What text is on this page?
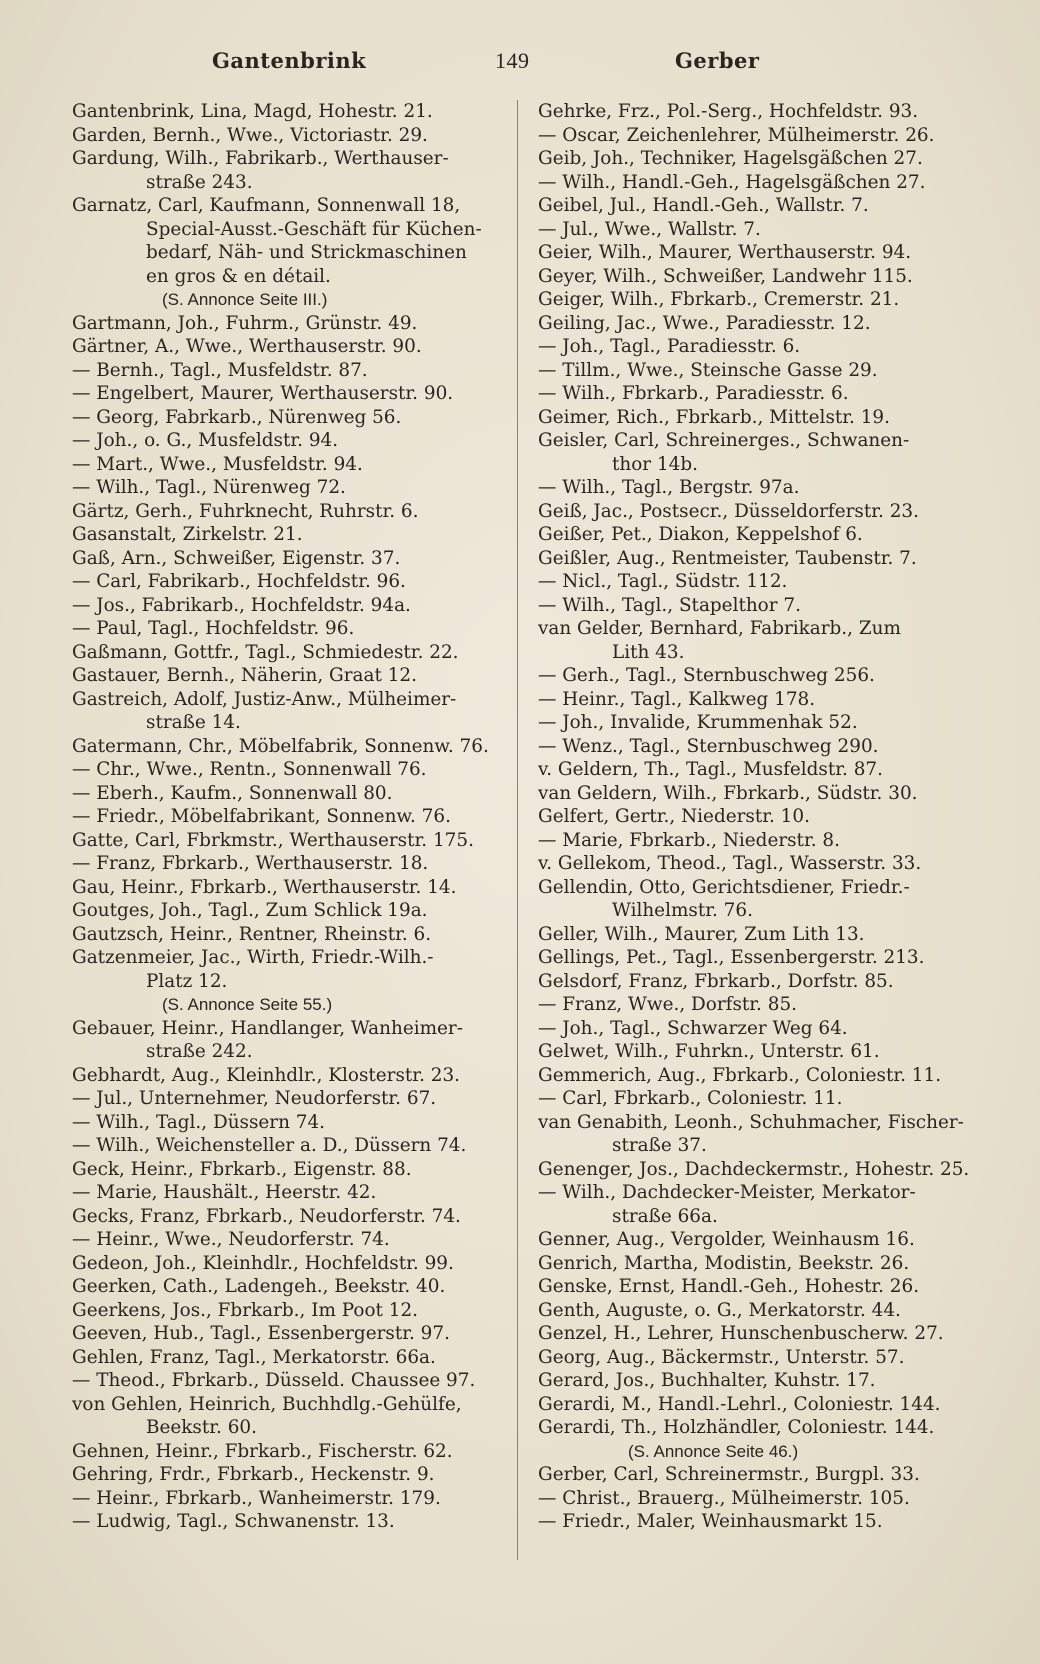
Gantenbrink	149	Gerber
Gantenbrink, Lina, Magd, Hohestr. 21.
Garden, Bernh., Wwe., Victoriastr. 29.
Gardung, Wilh., Fabrikarb., Werthauser-
straße 243.
Garnatz, Carl, Kaufmann, Sonnenwall 18,
Special-Ausst.-Geschäft für Küchen-
bedarf, Näh- und Strickmaschinen
en gros & en détail.
(S. Annonce Seite III.)
Gartmann, Joh., Fuhrm., Grünstr. 49.
Gärtner, A., Wwe., Werthauserstr. 90.
— Bernh., Tagl., Musfeldstr. 87.
— Engelbert, Maurer, Werthauserstr. 90.
— Georg, Fabrkarb., Nürenweg 56.
— Joh., o. G., Musfeldstr. 94.
— Mart., Wwe., Musfeldstr. 94.
— Wilh., Tagl., Nürenweg 72.
Gärtz, Gerh., Fuhrknecht, Ruhrstr. 6.
Gasanstalt, Zirkelstr. 21.
Gaß, Arn., Schweißer, Eigenstr. 37.
— Carl, Fabrikarb., Hochfeldstr. 96.
— Jos., Fabrikarb., Hochfeldstr. 94a.
— Paul, Tagl., Hochfeldstr. 96.
Gaßmann, Gottfr., Tagl., Schmiedestr. 22.
Gastauer, Bernh., Näherin, Graat 12.
Gastreich, Adolf, Justiz-Anw., Mülheimer-
straße 14.
Gatermann, Chr., Möbelfabrik, Sonnenw. 76.
— Chr., Wwe., Rentn., Sonnenwall 76.
— Eberh., Kaufm., Sonnenwall 80.
— Friedr., Möbelfabrikant, Sonnenw. 76.
Gatte, Carl, Fbrkmstr., Werthauserstr. 175.
— Franz, Fbrkarb., Werthauserstr. 18.
Gau, Heinr., Fbrkarb., Werthauserstr. 14.
Goutges, Joh., Tagl., Zum Schlick 19a.
Gautzsch, Heinr., Rentner, Rheinstr. 6.
Gatzenmeier, Jac., Wirth, Friedr.-Wilh.-
Platz 12.
(S. Annonce Seite 55.)
Gebauer, Heinr., Handlanger, Wanheimer-
straße 242.
Gebhardt, Aug., Kleinhdlr., Klosterstr. 23.
— Jul., Unternehmer, Neudorferstr. 67.
— Wilh., Tagl., Düssern 74.
— Wilh., Weichensteller a. D., Düssern 74.
Geck, Heinr., Fbrkarb., Eigenstr. 88.
— Marie, Haushält., Heerstr. 42.
Gecks, Franz, Fbrkarb., Neudorferstr. 74.
— Heinr., Wwe., Neudorferstr. 74.
Gedeon, Joh., Kleinhdlr., Hochfeldstr. 99.
Geerken, Cath., Ladengeh., Beekstr. 40.
Geerkens, Jos., Fbrkarb., Im Poot 12.
Geeven, Hub., Tagl., Essenbergerstr. 97.
Gehlen, Franz, Tagl., Merkatorstr. 66a.
— Theod., Fbrkarb., Düsseld. Chaussee 97.
von Gehlen, Heinrich, Buchhdlg.-Gehülfe,
Beekstr. 60.
Gehnen, Heinr., Fbrkarb., Fischerstr. 62.
Gehring, Frdr., Fbrkarb., Heckenstr. 9.
— Heinr., Fbrkarb., Wanheimerstr. 179.
— Ludwig, Tagl., Schwanenstr. 13.
Gehrke, Frz., Pol.-Serg., Hochfeldstr. 93.
— Oscar, Zeichenlehrer, Mülheimerstr. 26.
Geib, Joh., Techniker, Hagelsgäßchen 27.
— Wilh., Handl.-Geh., Hagelsgäßchen 27.
Geibel, Jul., Handl.-Geh., Wallstr. 7.
— Jul., Wwe., Wallstr. 7.
Geier, Wilh., Maurer, Werthauserstr. 94.
Geyer, Wilh., Schweißer, Landwehr 115.
Geiger, Wilh., Fbrkarb., Cremerstr. 21.
Geiling, Jac., Wwe., Paradiesstr. 12.
— Joh., Tagl., Paradiesstr. 6.
— Tillm., Wwe., Steinsche Gasse 29.
— Wilh., Fbrkarb., Paradiesstr. 6.
Geimer, Rich., Fbrkarb., Mittelstr. 19.
Geisler, Carl, Schreinerges., Schwanen-
thor 14b.
— Wilh., Tagl., Bergstr. 97a.
Geiß, Jac., Postsecr., Düsseldorferstr. 23.
Geißer, Pet., Diakon, Keppelshof 6.
Geißler, Aug., Rentmeister, Taubenstr. 7.
— Nicl., Tagl., Südstr. 112.
— Wilh., Tagl., Stapelthor 7.
van Gelder, Bernhard, Fabrikarb., Zum
Lith 43.
— Gerh., Tagl., Sternbuschweg 256.
— Heinr., Tagl., Kalkweg 178.
— Joh., Invalide, Krummenhak 52.
— Wenz., Tagl., Sternbuschweg 290.
v. Geldern, Th., Tagl., Musfeldstr. 87.
van Geldern, Wilh., Fbrkarb., Südstr. 30.
Gelfert, Gertr., Niederstr. 10.
— Marie, Fbrkarb., Niederstr. 8.
v. Gellekom, Theod., Tagl., Wasserstr. 33.
Gellendin, Otto, Gerichtsdiener, Friedr.-
Wilhelmstr. 76.
Geller, Wilh., Maurer, Zum Lith 13.
Gellings, Pet., Tagl., Essenbergerstr. 213.
Gelsdorf, Franz, Fbrkarb., Dorfstr. 85.
— Franz, Wwe., Dorfstr. 85.
— Joh., Tagl., Schwarzer Weg 64.
Gelwet, Wilh., Fuhrkn., Unterstr. 61.
Gemmerich, Aug., Fbrkarb., Coloniestr. 11.
— Carl, Fbrkarb., Coloniestr. 11.
van Genabith, Leonh., Schuhmacher, Fischer-
straße 37.
Genenger, Jos., Dachdeckermstr., Hohestr. 25.
— Wilh., Dachdecker-Meister, Merkator-
straße 66a.
Genner, Aug., Vergolder, Weinhausm 16.
Genrich, Martha, Modistin, Beekstr. 26.
Genske, Ernst, Handl.-Geh., Hohestr. 26.
Genth, Auguste, o. G., Merkatorstr. 44.
Genzel, H., Lehrer, Hunschenbuscherw. 27.
Georg, Aug., Bäckermstr., Unterstr. 57.
Gerard, Jos., Buchhalter, Kuhstr. 17.
Gerardi, M., Handl.-Lehrl., Coloniestr. 144.
Gerardi, Th., Holzhändler, Coloniestr. 144.
(S. Annonce Seite 46.)
Gerber, Carl, Schreinermstr., Burgpl. 33.
— Christ., Brauerg., Mülheimerstr. 105.
— Friedr., Maler, Weinhausmarkt 15.
